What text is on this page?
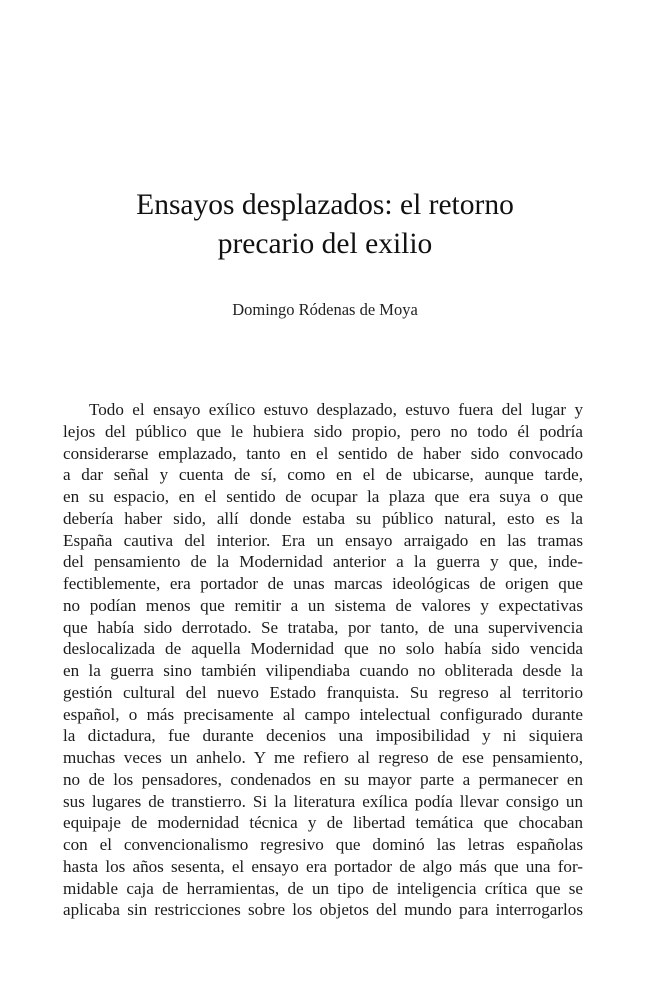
Ensayos desplazados: el retorno
precario del exilio

Domingo Ródenas de Moya

Todo el ensayo exílico estuvo desplazado, estuvo fuera del lugar y
lejos del público que le hubiera sido propio, pero no todo él podría
considerarse emplazado, tanto en el sentido de haber sido convocado
a dar señal y cuenta de sí, como en el de ubicarse, aunque tarde,
en su espacio, en el sentido de ocupar la plaza que era suya o que
debería haber sido, allí donde estaba su público natural, esto es la
España cautiva del interior. Era un ensayo arraigado en las tramas
del pensamiento de la Modernidad anterior a la guerra y que, inde-
fectiblemente, era portador de unas marcas ideológicas de origen que
no podían menos que remitir a un sistema de valores y expectativas
que había sido derrotado. Se trataba, por tanto, de una supervivencia
deslocalizada de aquella Modernidad que no solo había sido vencida
en la guerra sino también vilipendiaba cuando no obliterada desde la
gestión cultural del nuevo Estado franquista. Su regreso al territorio
español, o más precisamente al campo intelectual configurado durante
la dictadura, fue durante decenios una imposibilidad y ni siquiera
muchas veces un anhelo. Y me refiero al regreso de ese pensamiento,
no de los pensadores, condenados en su mayor parte a permanecer en
sus lugares de transtierro. Si la literatura exílica podía llevar consigo un
equipaje de modernidad técnica y de libertad temática que chocaban
con el convencionalismo regresivo que dominó las letras españolas
hasta los años sesenta, el ensayo era portador de algo más que una for-
midable caja de herramientas, de un tipo de inteligencia crítica que se
aplicaba sin restricciones sobre los objetos del mundo para interrogarlos
